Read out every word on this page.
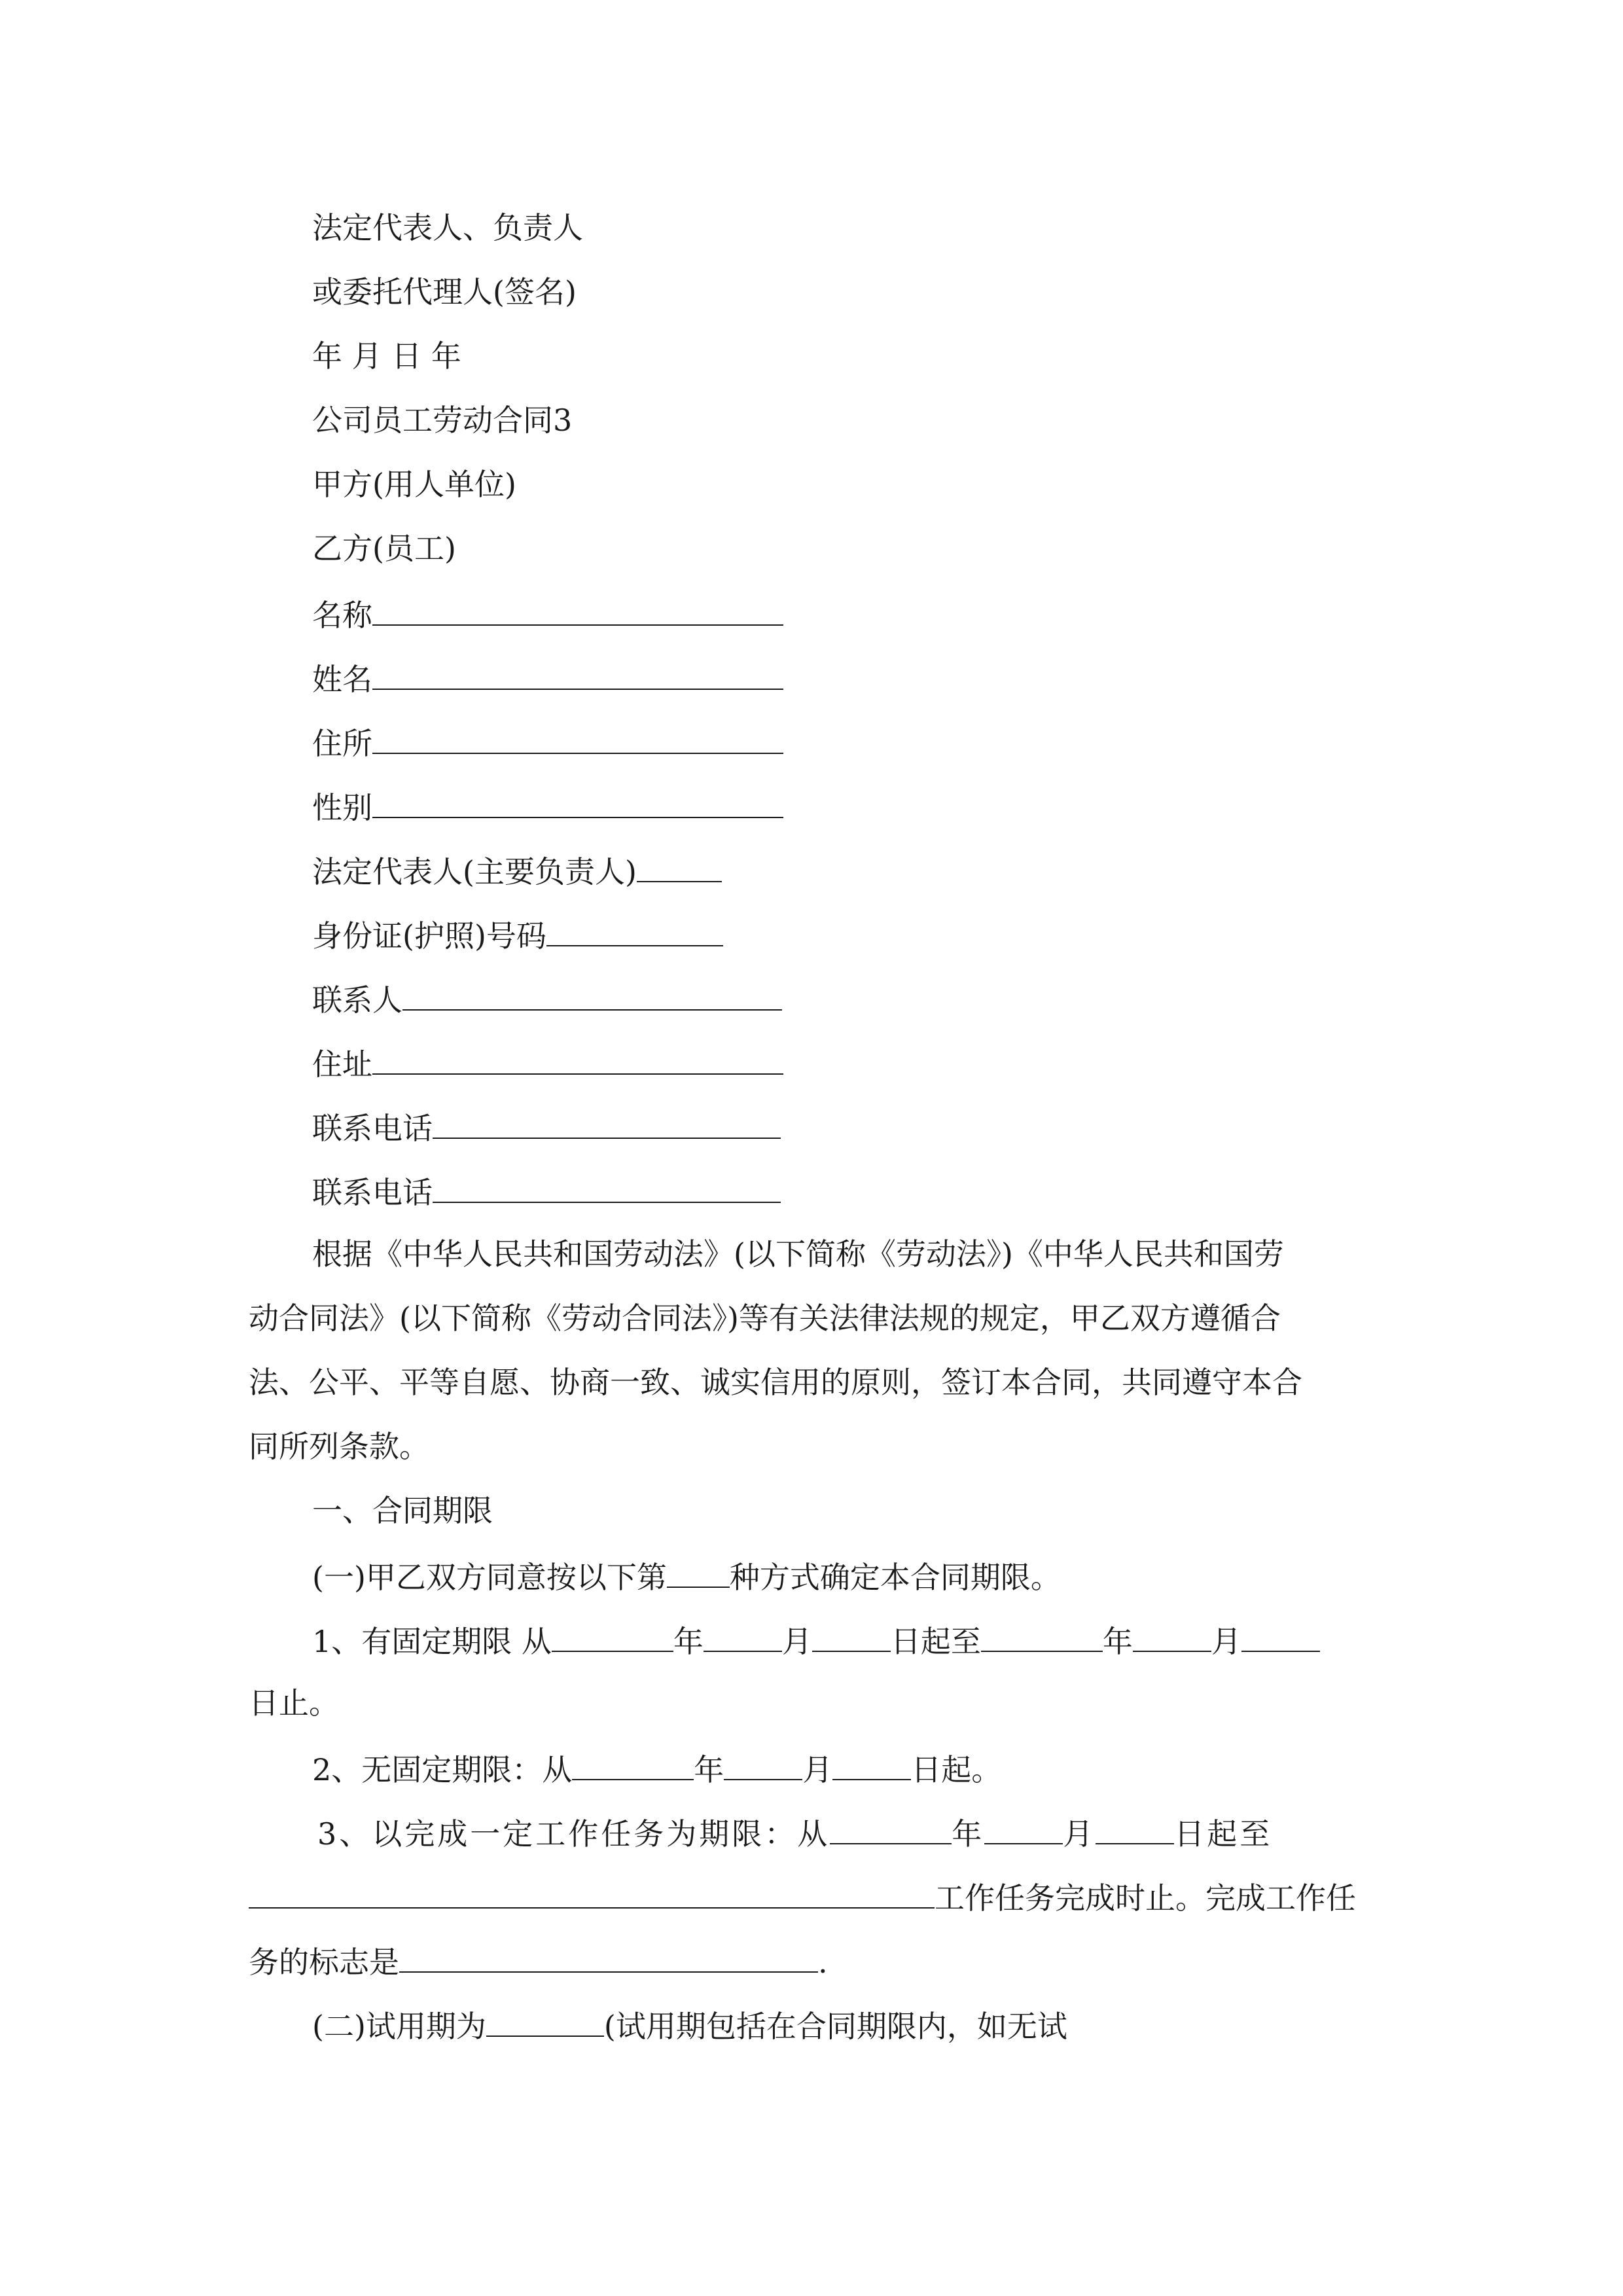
法定代表人、负责人

或委托代理人(签名)

年 月 日 年

公司员工劳动合同3

甲方(用人单位)

乙方(员工)

名称

姓名

住所

性别

法定代表人(主要负责人)

身份证(护照)号码

联系人

住址

联系电话

联系电话

根据《中华人民共和国劳动法》(以下简称《劳动法》)《中华人民共和国劳

动合同法》(以下简称《劳动合同法》)等有关法律法规的规定，甲乙双方遵循合

法、公平、平等自愿、协商一致、诚实信用的原则，签订本合同，共同遵守本合

同所列条款。

一、合同期限

(一)甲乙双方同意按以下第 种方式确定本合同期限。

1、有固定期限 从	年	月	日起至	年	月

日止。

2、无固定期限：从	年	月	日起。

3、以完成一定工作任务为期限：从	年	月	日起至

工作任务完成时止。完成工作任

务的标志是	.

(二)试用期为	(试用期包括在合同期限内，如无试
